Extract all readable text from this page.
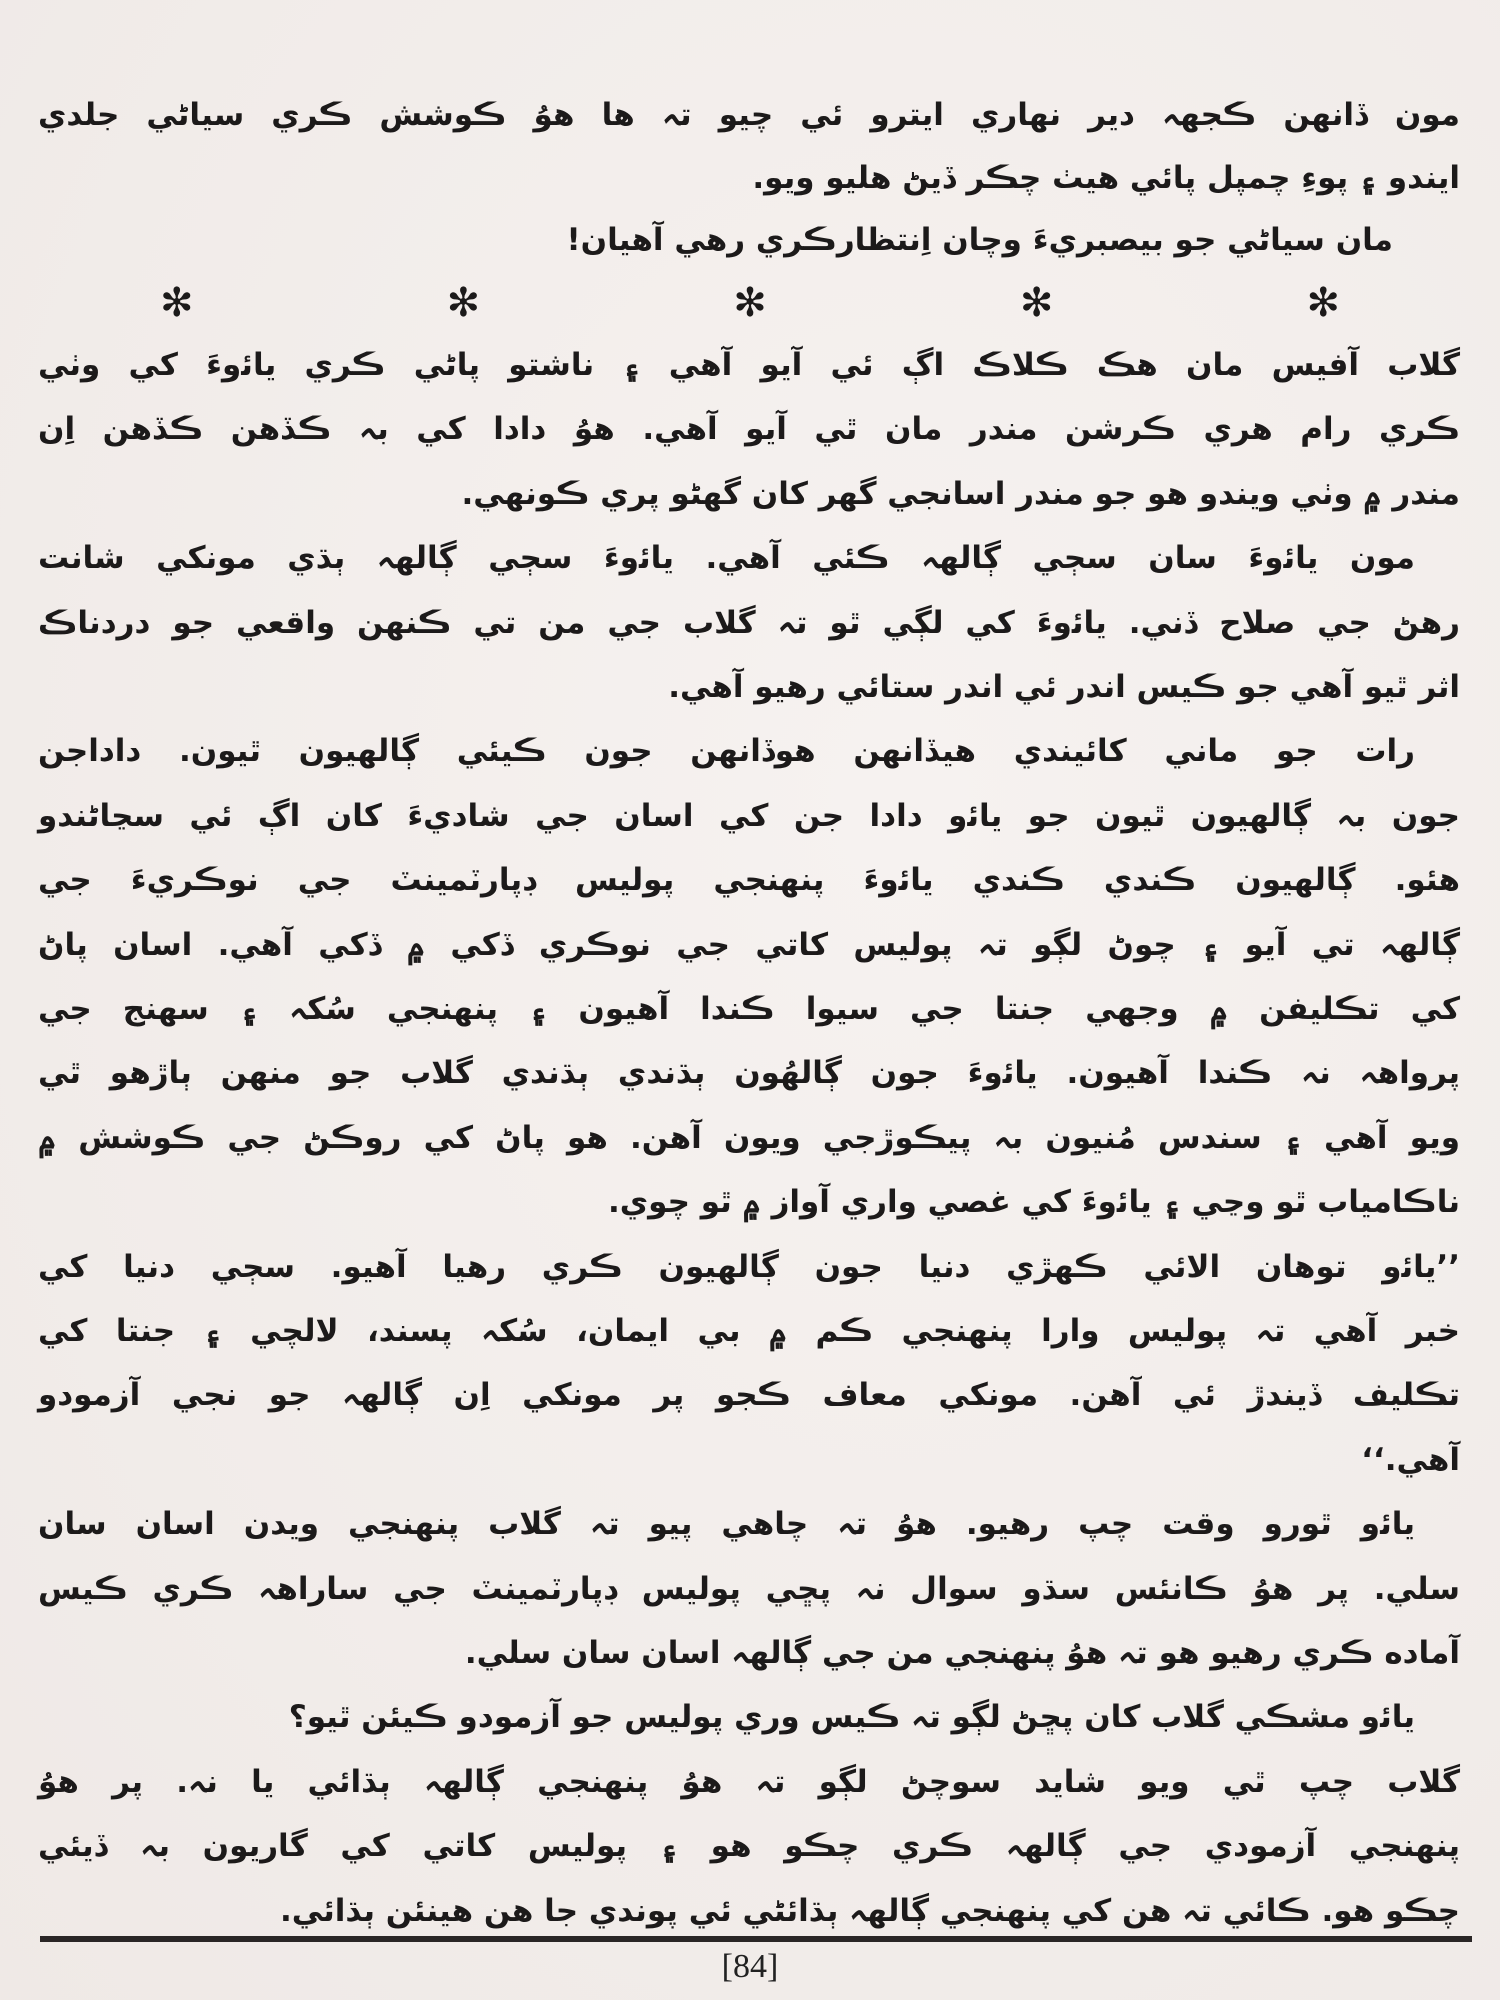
مون ڏانهن ڪجهہ دير نهاري ايترو ئي چيو تہ ها هوُ ڪوشش ڪري سياڻي جلدي
ايندو ۽ پوءِ چمپل پائي هيٺ چڪر ڏيڻ هليو ويو.
مان سياڻي جو بيصبريءَ وچان اِنتظارڪري رهي آهيان!
گلاب آفيس مان هڪ ڪلاڪ اڳ ئي آيو آهي ۽ ناشتو پاڻي ڪري ياﺋوءَ کي وٺي
ڪري رام هري ڪرشن مندر مان ٿي آيو آهي. هوُ دادا کي بہ ڪڏهن ڪڏهن اِن
مندر ۾ وٺي ويندو هو جو مندر اسانجي گهر کان گهڻو پري ڪونهي.
مون ياﺋوءَ سان سڄي ڳالهہ ڪئي آهي. ياﺋوءَ سڄي ڳالهہ ٻڌي مونکي شانت
رهڻ جي صلاح ڏني. ياﺋوءَ کي لڳي ٿو تہ گلاب جي من تي ڪنهن واقعي جو دردناڪ
اثر ٿيو آهي جو ڪيس اندر ئي اندر ستائي رهيو آهي.
رات جو ماني کائيندي هيڏانهن هوڏانهن جون ڪيئي ڳالهيون ٿيون. داداجن
جون بہ ڳالهيون ٿيون جو ياﺋو دادا جن کي اسان جي شاديءَ کان اڳ ئي سڃاڻندو
هئو. ڳالهيون ڪندي ڪندي ياﺋوءَ پنهنجي پوليس ڊپارٽمينٽ جي نوڪريءَ جي
ڳالهہ تي آيو ۽ چوڻ لڳو تہ پوليس کاتي جي نوڪري ڏکي ۾ ڏکي آهي. اسان پاڻ
کي تڪليفن ۾ وجهي جنتا جي سيوا ڪندا آهيون ۽ پنهنجي سُکہ ۽ سهنج جي
پرواهہ نہ ڪندا آهيون. ياﺋوءَ جون ڳالهُون ٻڌندي ٻڌندي گلاب جو منهن ٻاڙهو ٿي
ويو آهي ۽ سندس مُنيون بہ پيڪوڙجي ويون آهن. هو پاڻ کي روڪڻ جي ڪوشش ۾
ناڪامياب ٿو وڃي ۽ ياﺋوءَ کي غصي واري آواز ۾ ٿو چوي.
’’ياﺋو توهان الائي ڪهڙي دنيا جون ڳالهيون ڪري رهيا آهيو. سڄي دنيا کي
خبر آهي تہ پوليس وارا پنهنجي ڪم ۾ بي ايمان، سُکہ پسند، لالچي ۽ جنتا کي
تڪليف ڏيندڙ ئي آهن. مونکي معاف ڪجو پر مونکي اِن ڳالهہ جو نجي آزمودو
آهي.‘‘
ياﺋو ٿورو وقت چپ رهيو. هوُ تہ چاهي پيو تہ گلاب پنهنجي ويدن اسان سان
سلي. پر هوُ ڪانئس سڌو سوال نہ پڇي پوليس ڊپارٽمينٽ جي ساراهہ ڪري ڪيس
آماده ڪري رهيو هو تہ هوُ پنهنجي من جي ڳالهہ اسان سان سلي.
ياﺋو مشڪي گلاب کان پڇڻ لڳو تہ ڪيس وري پوليس جو آزمودو ڪيئن ٿيو؟
گلاب چپ ٿي ويو شايد سوچڻ لڳو تہ هوُ پنهنجي ڳالهہ ٻڌائي يا نہ. پر هوُ
پنهنجي آزمودي جي ڳالهہ ڪري چڪو هو ۽ پوليس کاتي کي گاريون بہ ڏيئي
چڪو هو. ڪائي تہ هن کي پنهنجي ڳالهہ ٻڌائڻي ئي پوندي جا هن هينئن ٻڌائي.
✻	✻	✻	✻	✻
[84]
